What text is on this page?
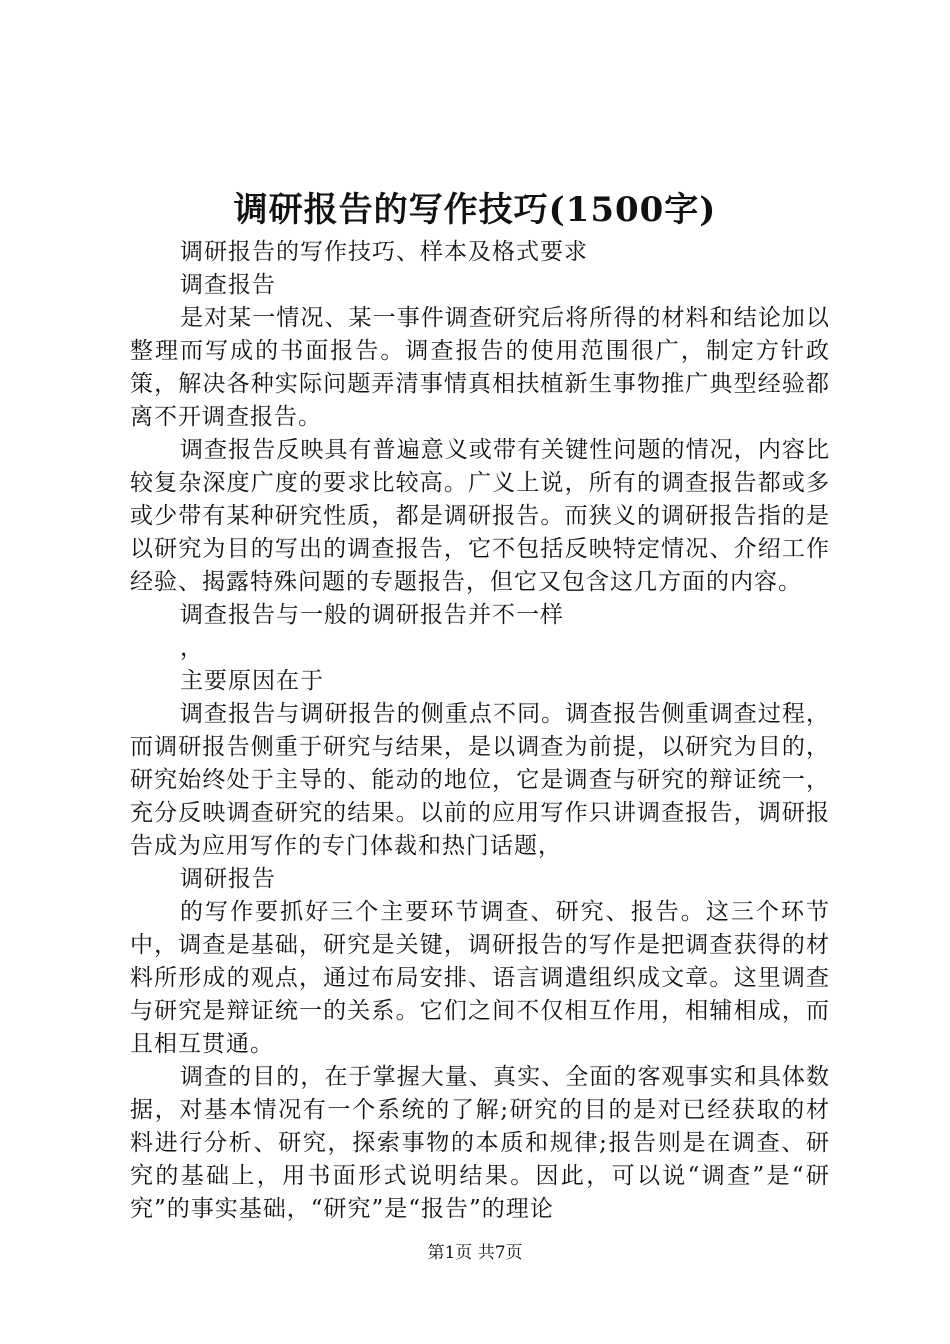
调研报告的写作技巧(1500字)

调研报告的写作技巧、样本及格式要求

调查报告

是对某一情况、某一事件调查研究后将所得的材料和结论加以整理而写成的书面报告。调查报告的使用范围很广，制定方针政策，解决各种实际问题弄清事情真相扶植新生事物推广典型经验都离不开调查报告。

调查报告反映具有普遍意义或带有关键性问题的情况，内容比较复杂深度广度的要求比较高。广义上说，所有的调查报告都或多或少带有某种研究性质，都是调研报告。而狭义的调研报告指的是以研究为目的写出的调查报告，它不包括反映特定情况、介绍工作经验、揭露特殊问题的专题报告，但它又包含这几方面的内容。

调查报告与一般的调研报告并不一样

，

主要原因在于

调查报告与调研报告的侧重点不同。调查报告侧重调查过程，而调研报告侧重于研究与结果，是以调查为前提，以研究为目的，研究始终处于主导的、能动的地位，它是调查与研究的辩证统一，充分反映调查研究的结果。以前的应用写作只讲调查报告，调研报告成为应用写作的专门体裁和热门话题，

调研报告

的写作要抓好三个主要环节调查、研究、报告。这三个环节中，调查是基础，研究是关键，调研报告的写作是把调查获得的材料所形成的观点，通过布局安排、语言调遣组织成文章。这里调查与研究是辩证统一的关系。它们之间不仅相互作用，相辅相成，而且相互贯通。

调查的目的，在于掌握大量、真实、全面的客观事实和具体数据，对基本情况有一个系统的了解;研究的目的是对已经获取的材料进行分析、研究，探索事物的本质和规律;报告则是在调查、研究的基础上，用书面形式说明结果。因此，可以说“调查”是“研究”的事实基础，“研究”是“报告”的理论

第1页 共7页
